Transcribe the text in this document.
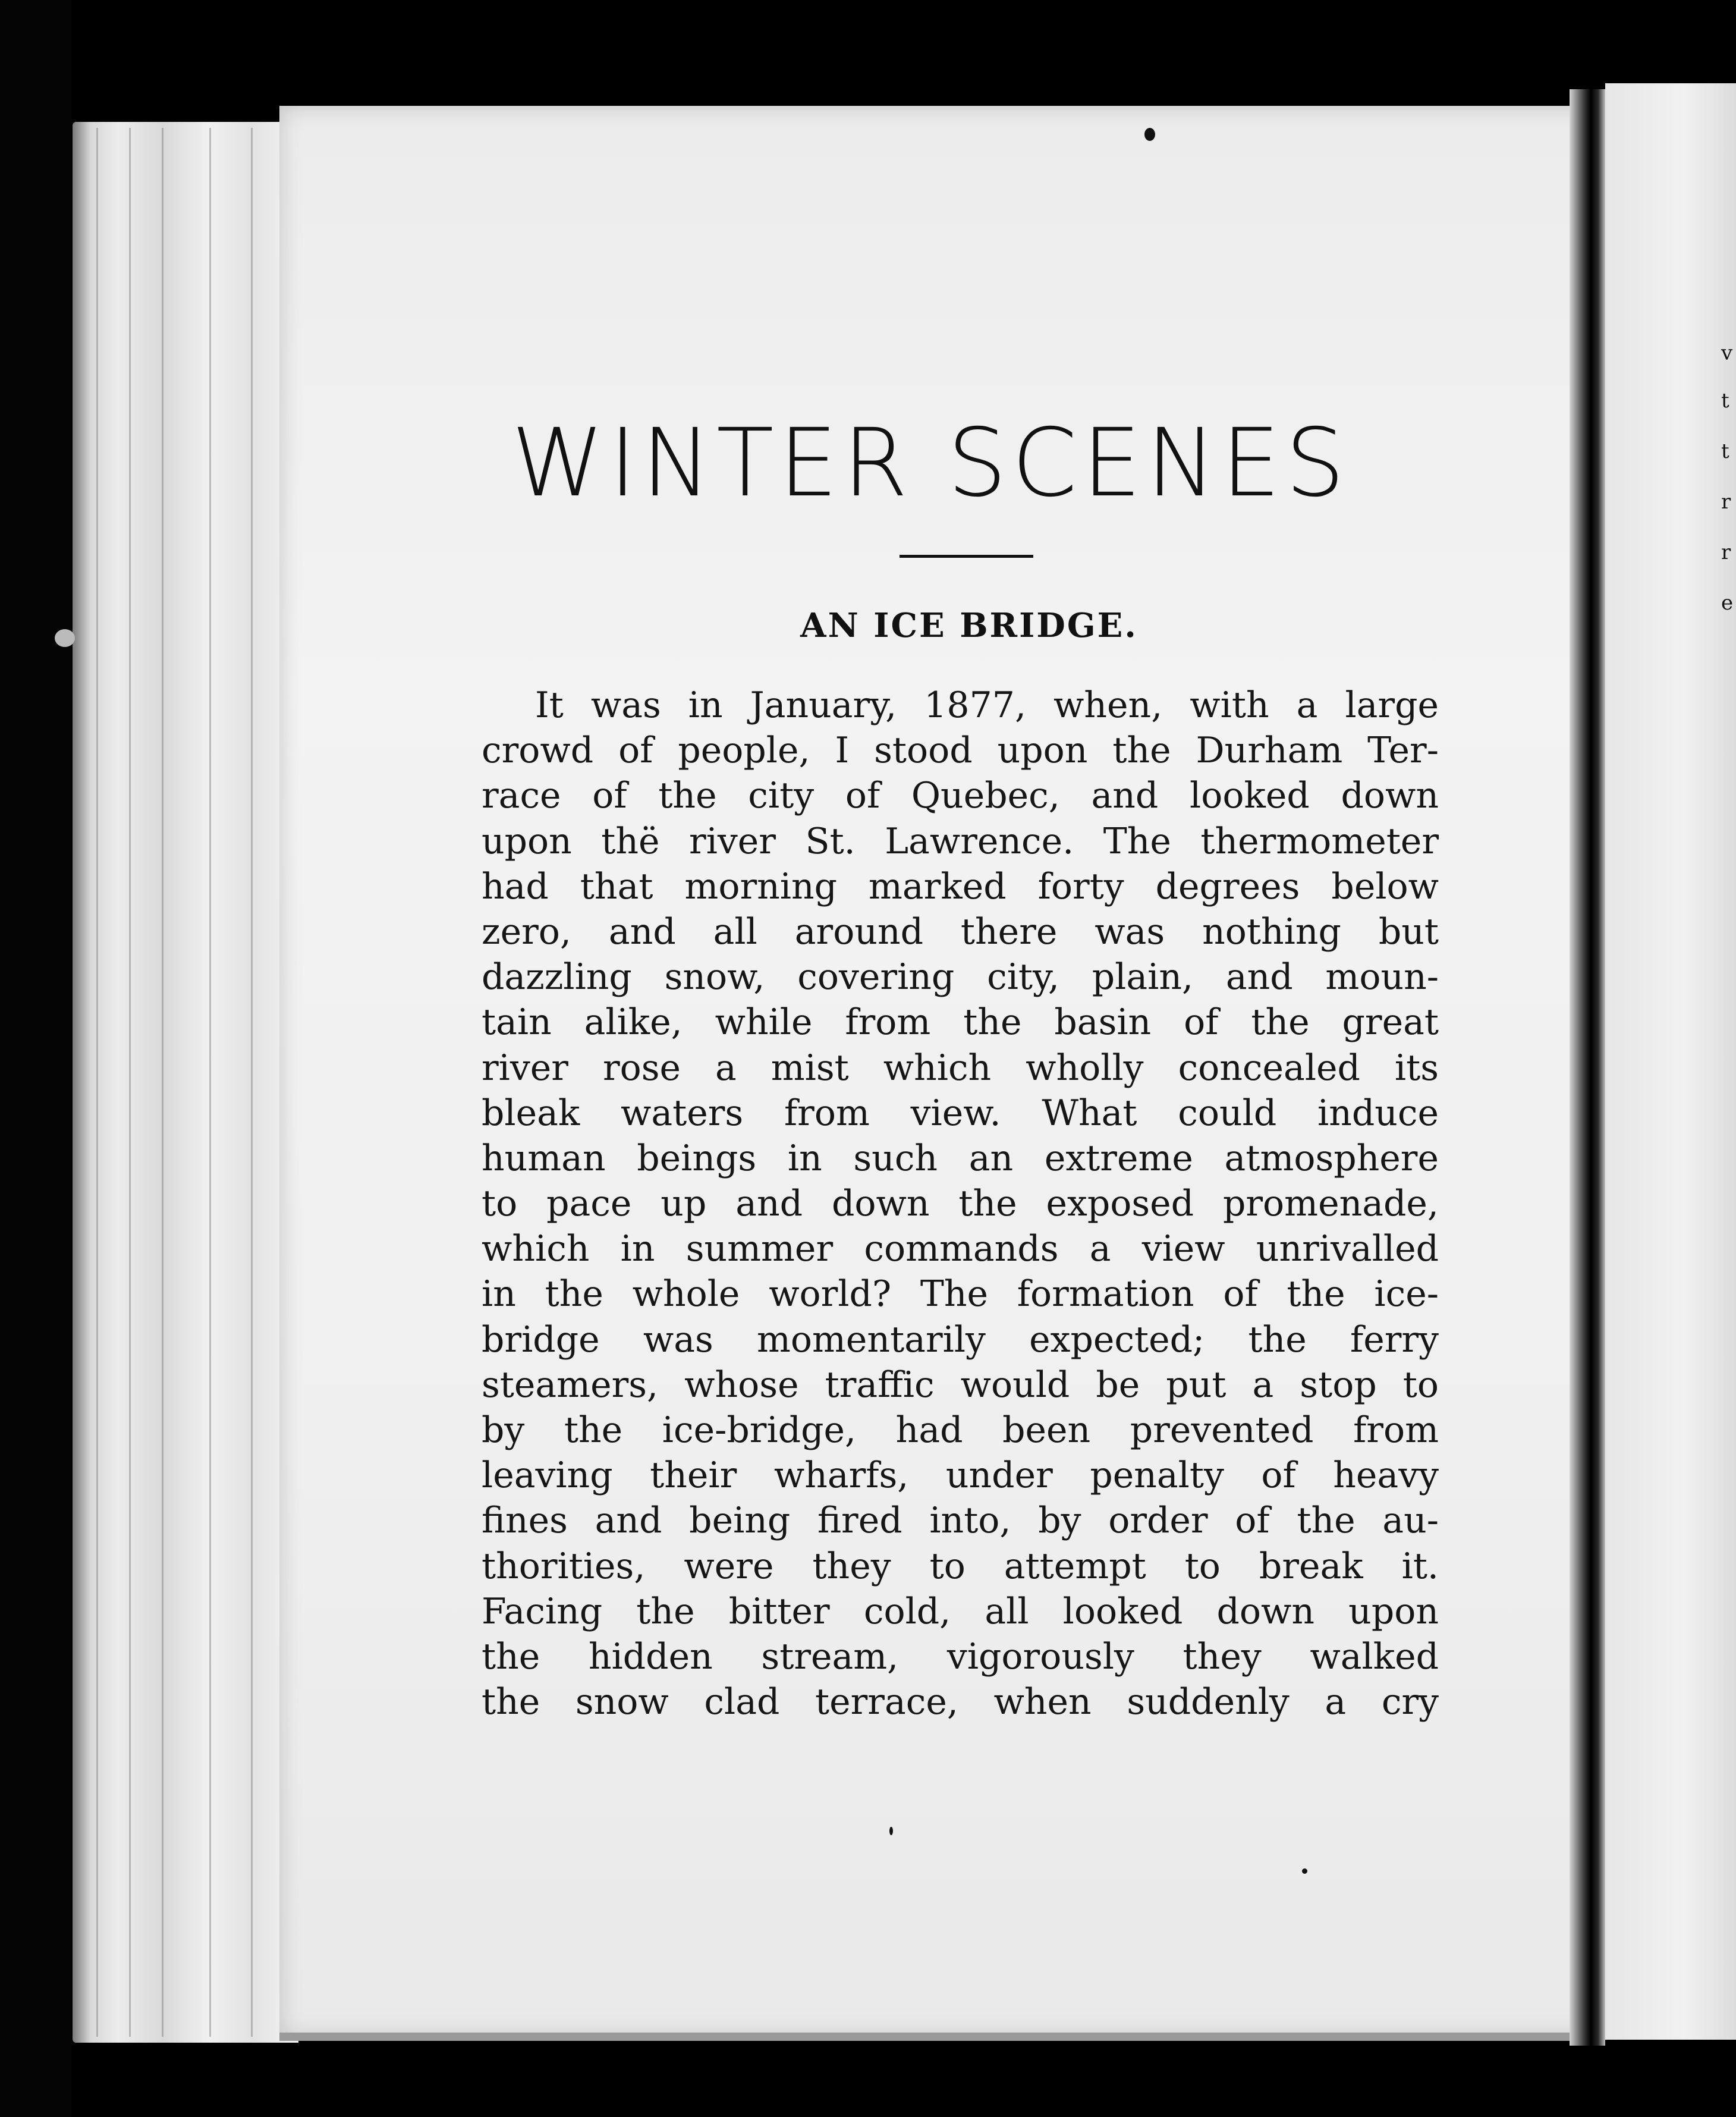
v
t
t
r
r
e
WINTER SCENES
AN ICE BRIDGE.
It was in January, 1877, when, with a large
crowd of people, I stood upon the Durham Ter-
race of the city of Quebec, and looked down
upon thë river St. Lawrence. The thermometer
had that morning marked forty degrees below
zero, and all around there was nothing but
dazzling snow, covering city, plain, and moun-
tain alike, while from the basin of the great
river rose a mist which wholly concealed its
bleak waters from view. What could induce
human beings in such an extreme atmosphere
to pace up and down the exposed promenade,
which in summer commands a view unrivalled
in the whole world? The formation of the ice-
bridge was momentarily expected; the ferry
steamers, whose traffic would be put a stop to
by the ice-bridge, had been prevented from
leaving their wharfs, under penalty of heavy
fines and being fired into, by order of the au-
thorities, were they to attempt to break it.
Facing the bitter cold, all looked down upon
the hidden stream, vigorously they walked
the snow clad terrace, when suddenly a cry
